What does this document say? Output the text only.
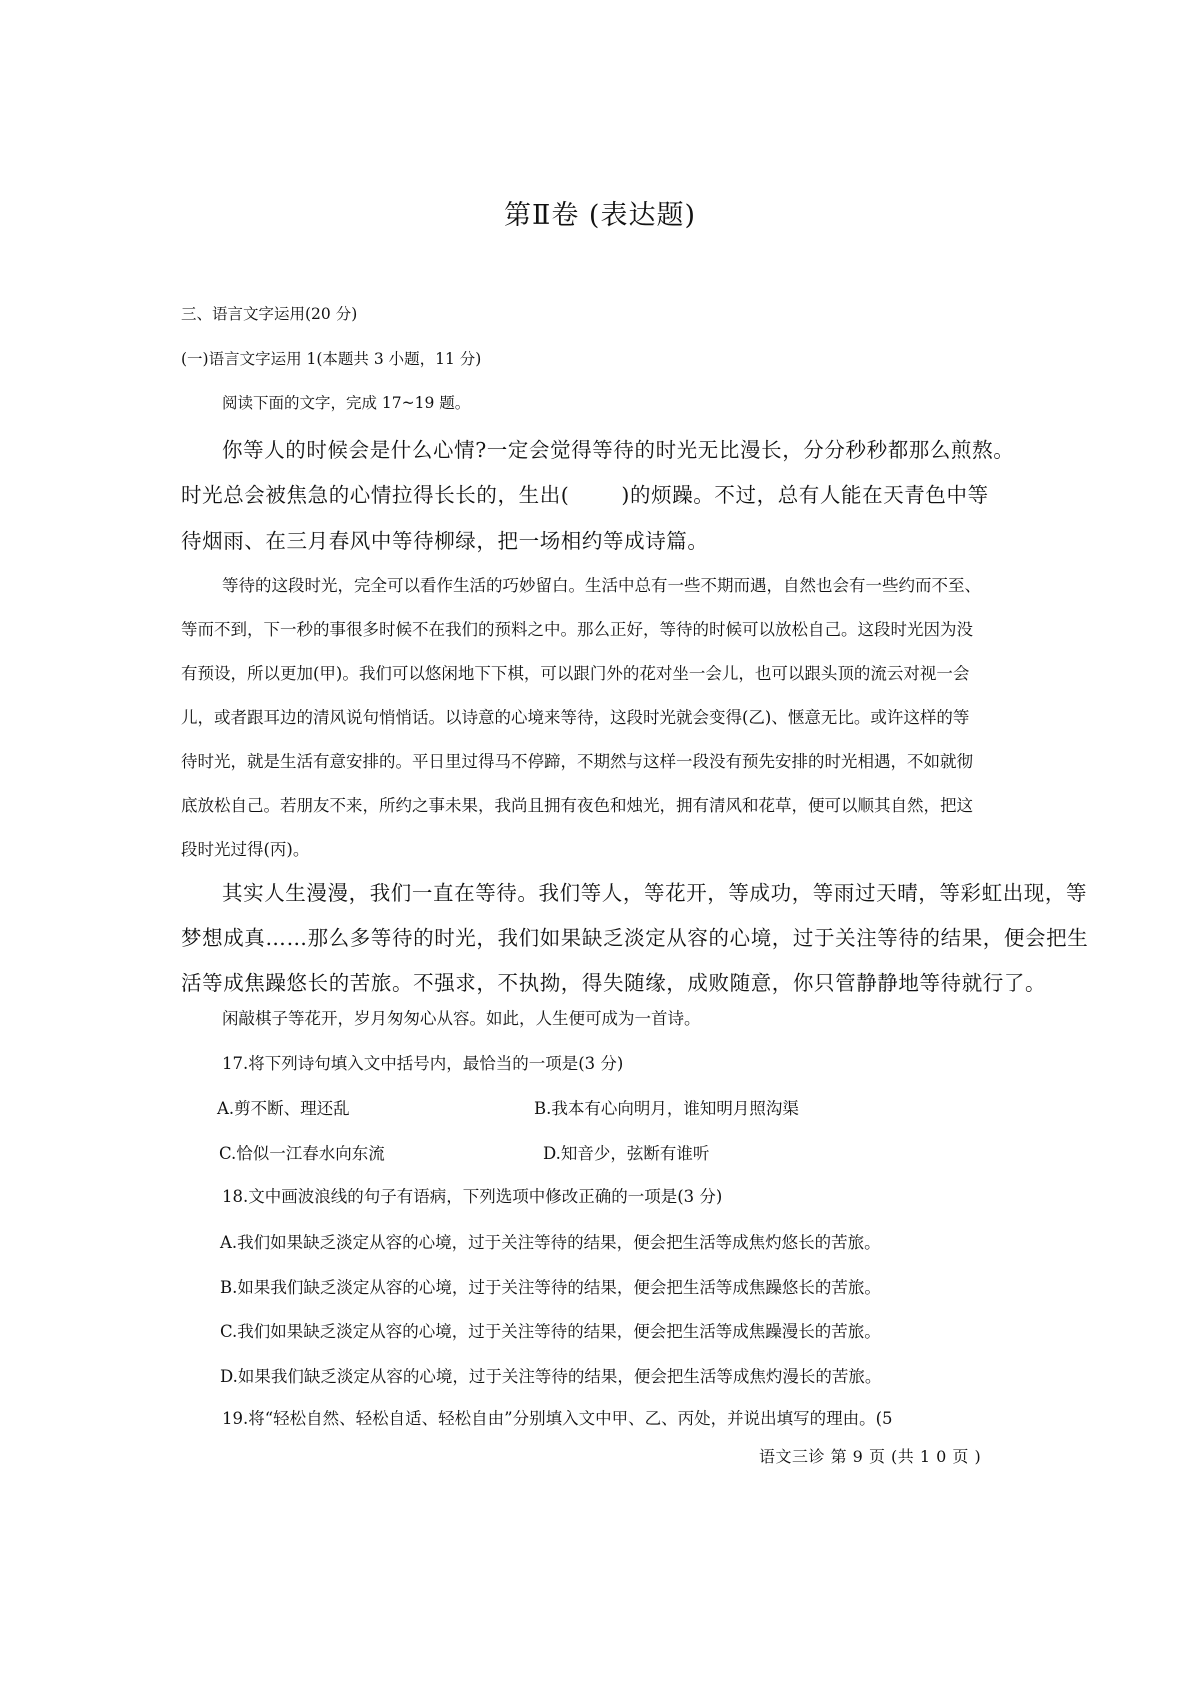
第Ⅱ卷 (表达题)
三、语言文字运用(20 分)
(一)语言文字运用 1(本题共 3 小题，11 分)
阅读下面的文字，完成 17~19 题。
你等人的时候会是什么心情?一定会觉得等待的时光无比漫长，分分秒秒都那么煎熬。
时光总会被焦急的心情拉得长长的，生出(	)的烦躁。不过，总有人能在天青色中等
待烟雨、在三月春风中等待柳绿，把一场相约等成诗篇。
等待的这段时光，完全可以看作生活的巧妙留白。生活中总有一些不期而遇，自然也会有一些约而不至、
等而不到，下一秒的事很多时候不在我们的预料之中。那么正好，等待的时候可以放松自己。这段时光因为没
有预设，所以更加(甲)。我们可以悠闲地下下棋，可以跟门外的花对坐一会儿，也可以跟头顶的流云对视一会
儿，或者跟耳边的清风说句悄悄话。以诗意的心境来等待，这段时光就会变得(乙)、惬意无比。或许这样的等
待时光，就是生活有意安排的。平日里过得马不停蹄，不期然与这样一段没有预先安排的时光相遇，不如就彻
底放松自己。若朋友不来，所约之事未果，我尚且拥有夜色和烛光，拥有清风和花草，便可以顺其自然，把这
段时光过得(丙)。
其实人生漫漫，我们一直在等待。我们等人，等花开，等成功，等雨过天晴，等彩虹出现，等
梦想成真……那么多等待的时光，我们如果缺乏淡定从容的心境，过于关注等待的结果，便会把生
活等成焦躁悠长的苦旅。不强求，不执拗，得失随缘，成败随意，你只管静静地等待就行了。
闲敲棋子等花开，岁月匆匆心从容。如此，人生便可成为一首诗。
17.将下列诗句填入文中括号内，最恰当的一项是(3 分)
A.剪不断、理还乱	B.我本有心向明月，谁知明月照沟渠
C.恰似一江春水向东流	D.知音少，弦断有谁听
18.文中画波浪线的句子有语病，下列选项中修改正确的一项是(3 分)
A.我们如果缺乏淡定从容的心境，过于关注等待的结果，便会把生活等成焦灼悠长的苦旅。
B.如果我们缺乏淡定从容的心境，过于关注等待的结果，便会把生活等成焦躁悠长的苦旅。
C.我们如果缺乏淡定从容的心境，过于关注等待的结果，便会把生活等成焦躁漫长的苦旅。
D.如果我们缺乏淡定从容的心境，过于关注等待的结果，便会把生活等成焦灼漫长的苦旅。
19.将“轻松自然、轻松自适、轻松自由”分别填入文中甲、乙、丙处，并说出填写的理由。(5
语文三诊 第 9 页 (共 1 0 页 )
